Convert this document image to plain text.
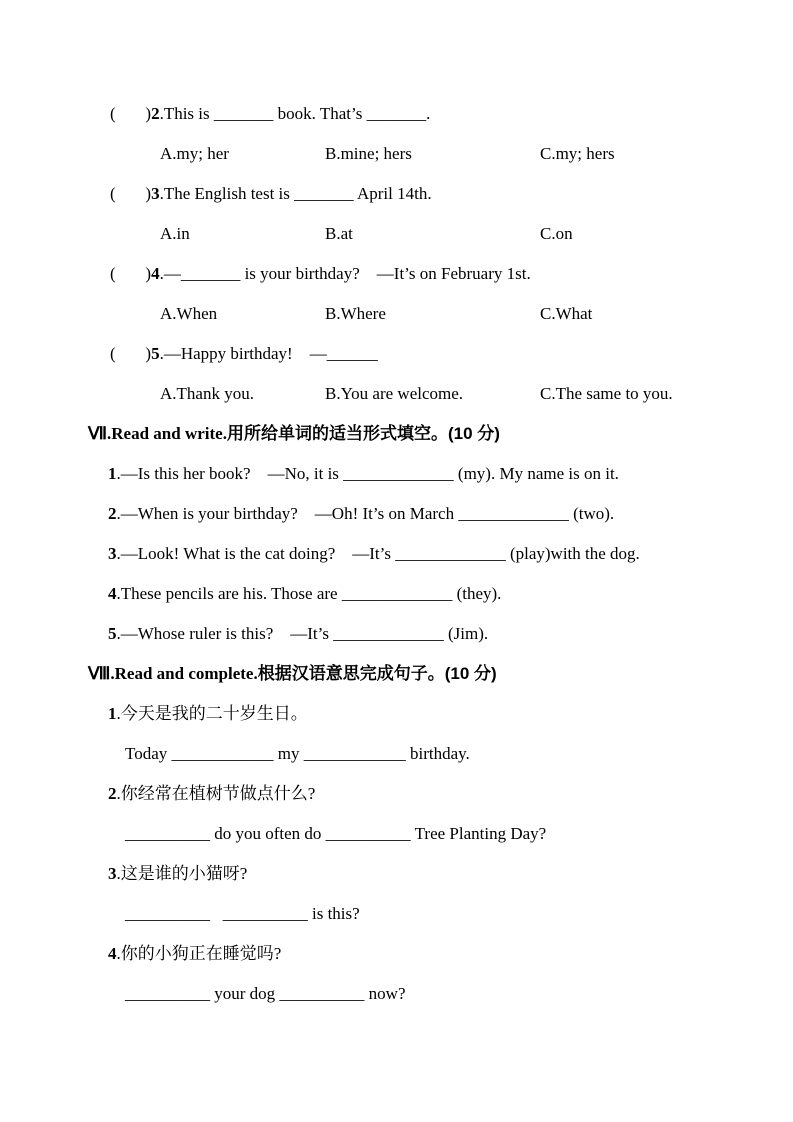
(       )2.This is _______ book. That’s _______.
A.my; her	B.mine; hers	C.my; hers
(       )3.The English test is _______ April 14th.
A.in	B.at	C.on
(       )4.—_______ is your birthday?    —It’s on February 1st.
A.When	B.Where	C.What
(       )5.—Happy birthday!    —______
A.Thank you.	B.You are welcome.	C.The same to you.
Ⅶ.Read and write.用所给单词的适当形式填空。(10 分)
1.—Is this her book?    —No, it is _____________ (my). My name is on it.
2.—When is your birthday?    —Oh! It’s on March _____________ (two).
3.—Look! What is the cat doing?    —It’s _____________ (play)with the dog.
4.These pencils are his. Those are _____________ (they).
5.—Whose ruler is this?    —It’s _____________ (Jim).
Ⅷ.Read and complete.根据汉语意思完成句子。(10 分)
1.今天是我的二十岁生日。
Today ____________ my ____________ birthday.
2.你经常在植树节做点什么?
__________ do you often do __________ Tree Planting Day?
3.这是谁的小猫呀?
__________   __________ is this?
4.你的小狗正在睡觉吗?
__________ your dog __________ now?
